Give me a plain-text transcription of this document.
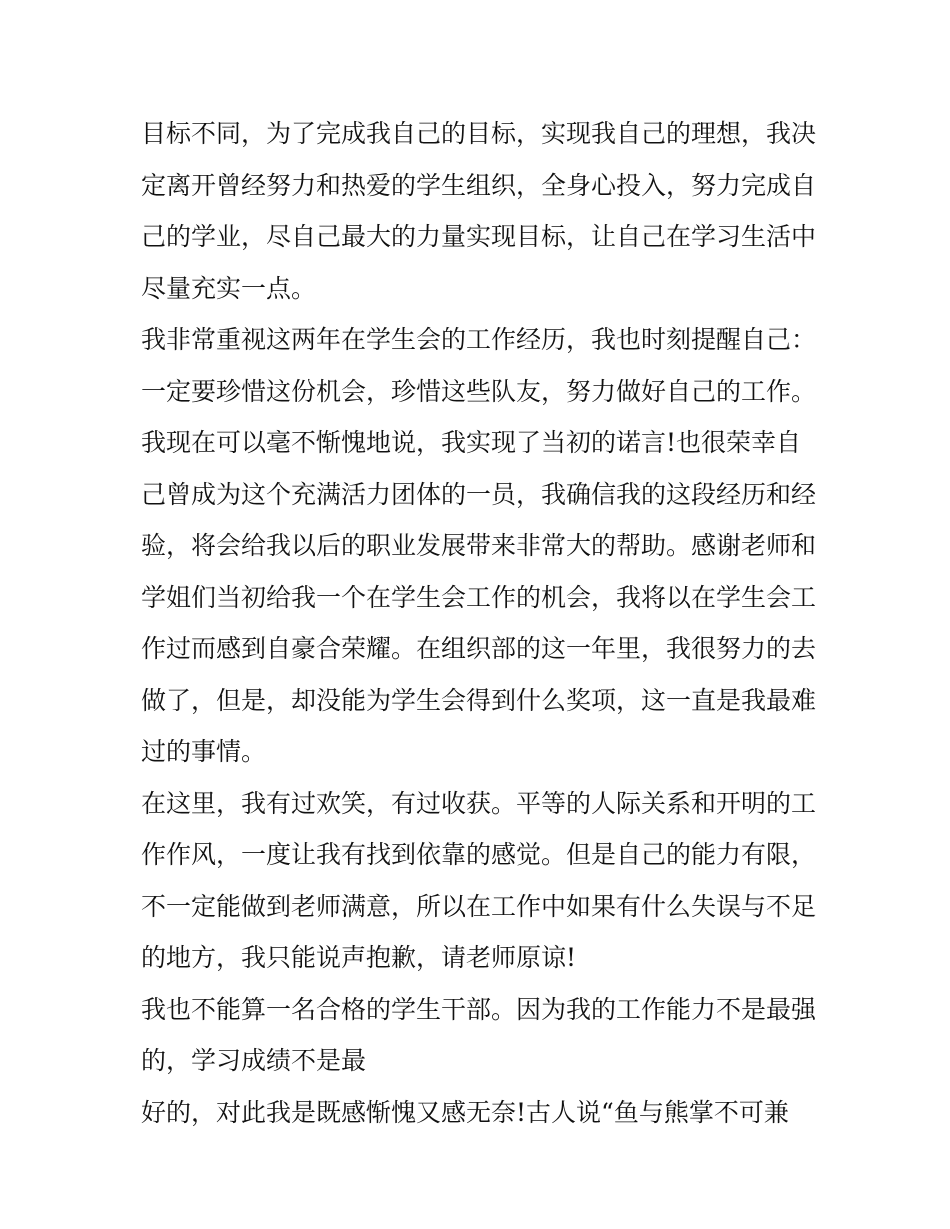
目标不同，为了完成我自己的目标，实现我自己的理想，我决
定离开曾经努力和热爱的学生组织，全身心投入，努力完成自
己的学业，尽自己最大的力量实现目标，让自己在学习生活中
尽量充实一点。
我非常重视这两年在学生会的工作经历，我也时刻提醒自己：
一定要珍惜这份机会，珍惜这些队友，努力做好自己的工作。
我现在可以毫不惭愧地说，我实现了当初的诺言!也很荣幸自
己曾成为这个充满活力团体的一员，我确信我的这段经历和经
验，将会给我以后的职业发展带来非常大的帮助。感谢老师和
学姐们当初给我一个在学生会工作的机会，我将以在学生会工
作过而感到自豪合荣耀。在组织部的这一年里，我很努力的去
做了，但是，却没能为学生会得到什么奖项，这一直是我最难
过的事情。
在这里，我有过欢笑，有过收获。平等的人际关系和开明的工
作作风，一度让我有找到依靠的感觉。但是自己的能力有限，
不一定能做到老师满意，所以在工作中如果有什么失误与不足
的地方，我只能说声抱歉，请老师原谅!
我也不能算一名合格的学生干部。因为我的工作能力不是最强
的，学习成绩不是最
好的，对此我是既感惭愧又感无奈!古人说“鱼与熊掌不可兼
